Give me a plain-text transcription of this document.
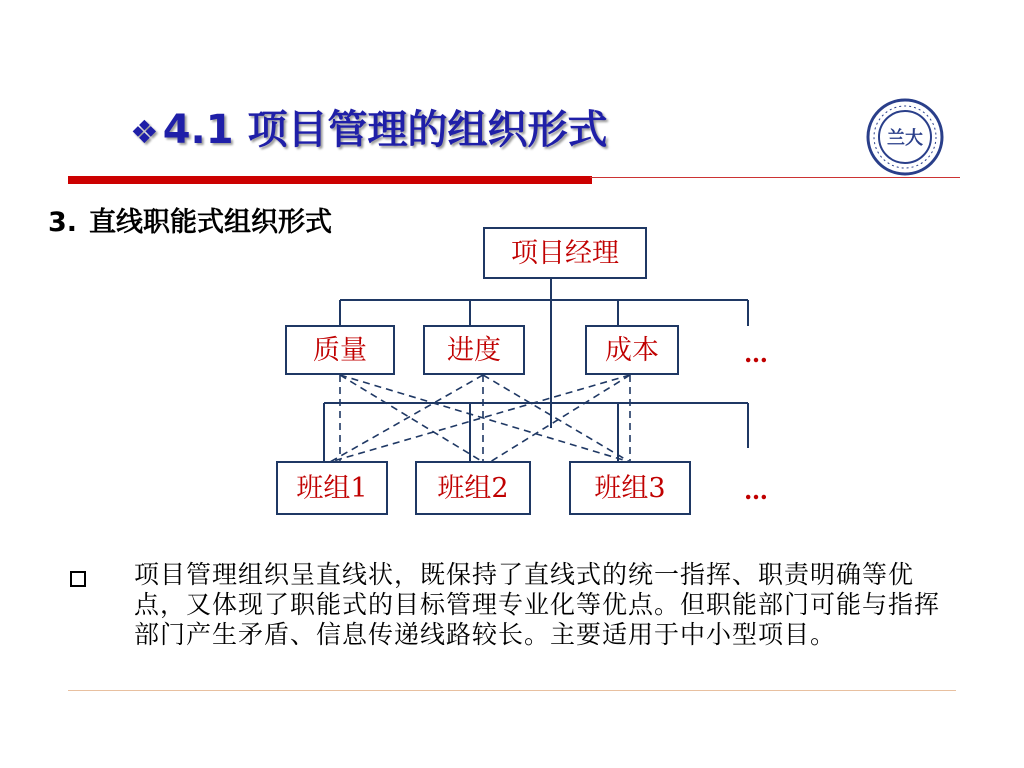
❖ 4.1 项目管理的组织形式	兰大
3. 直线职能式组织形式
项目经理
质量	进度	成本	…
班组1	班组2	班组3	…

项目管理组织呈直线状，既保持了直线式的统一指挥、职责明确等优点，又体现了职能式的目标管理专业化等优点。但职能部门可能与指挥部门产生矛盾、信息传递线路较长。主要适用于中小型项目。
